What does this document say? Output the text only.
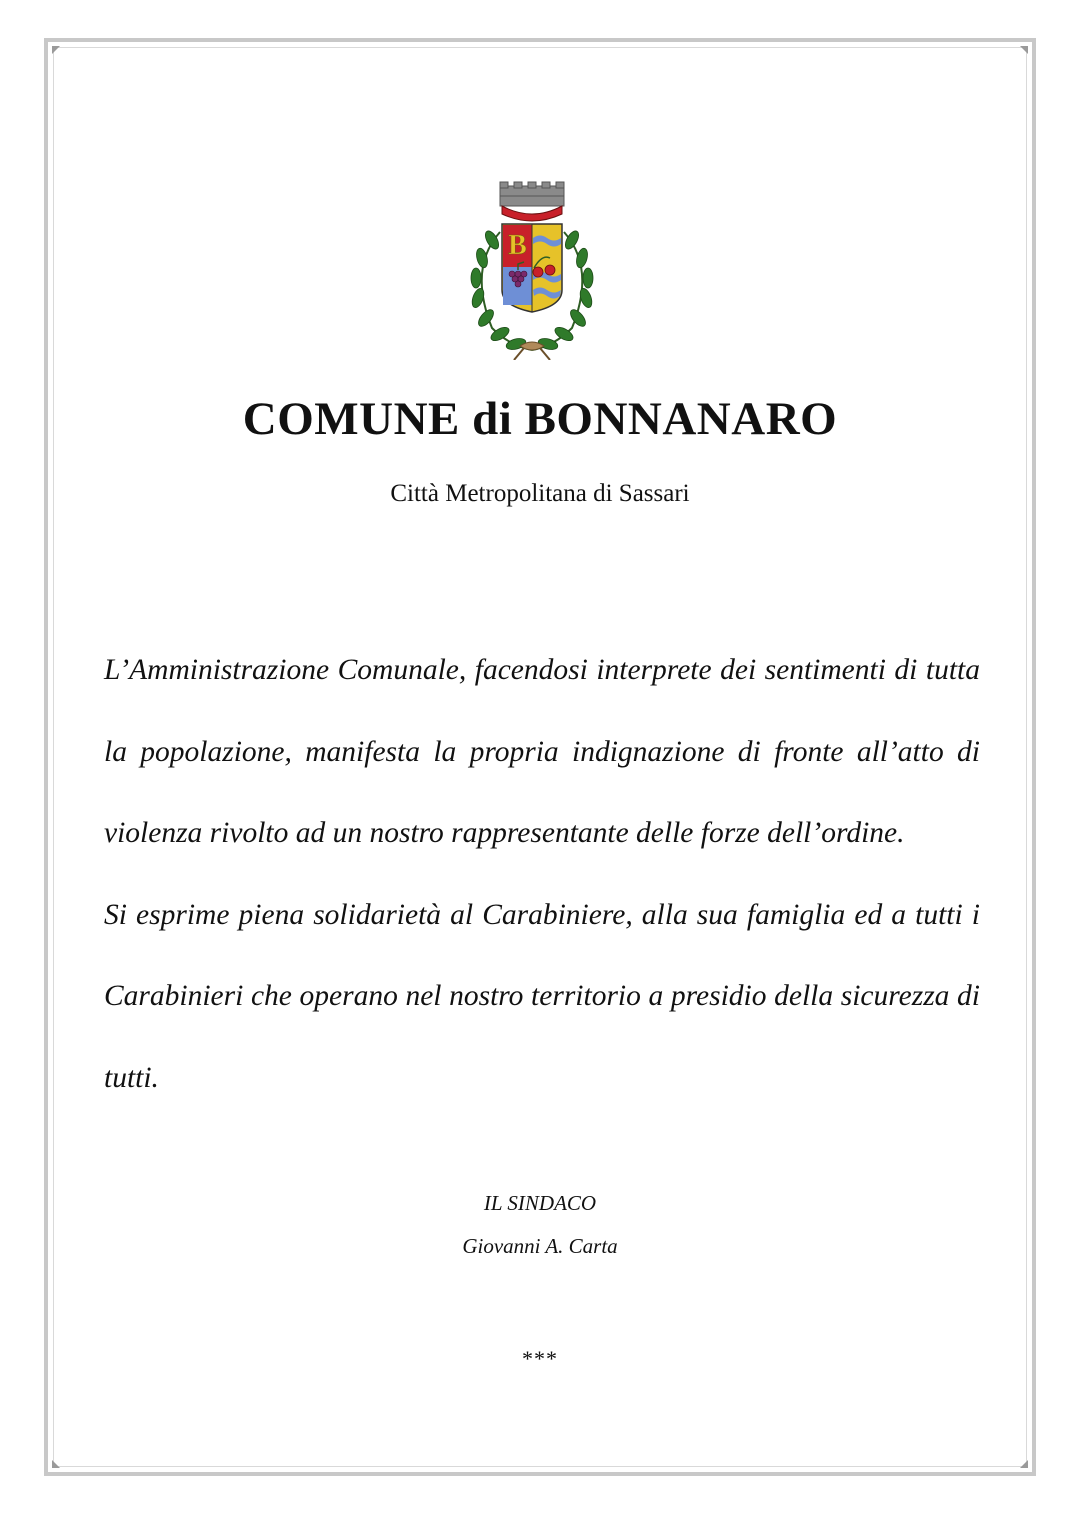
B
COMUNE di BONNANARO
Città Metropolitana di Sassari

L’Amministrazione Comunale, facendosi interprete dei sentimenti di tutta la popolazione, manifesta la propria indignazione di fronte all’atto di violenza rivolto ad un nostro rappresentante delle forze dell’ordine.

Si esprime piena solidarietà al Carabiniere, alla sua famiglia ed a tutti i Carabinieri che operano nel nostro territorio a presidio della sicurezza di tutti.

IL SINDACO
Giovanni A. Carta
***
